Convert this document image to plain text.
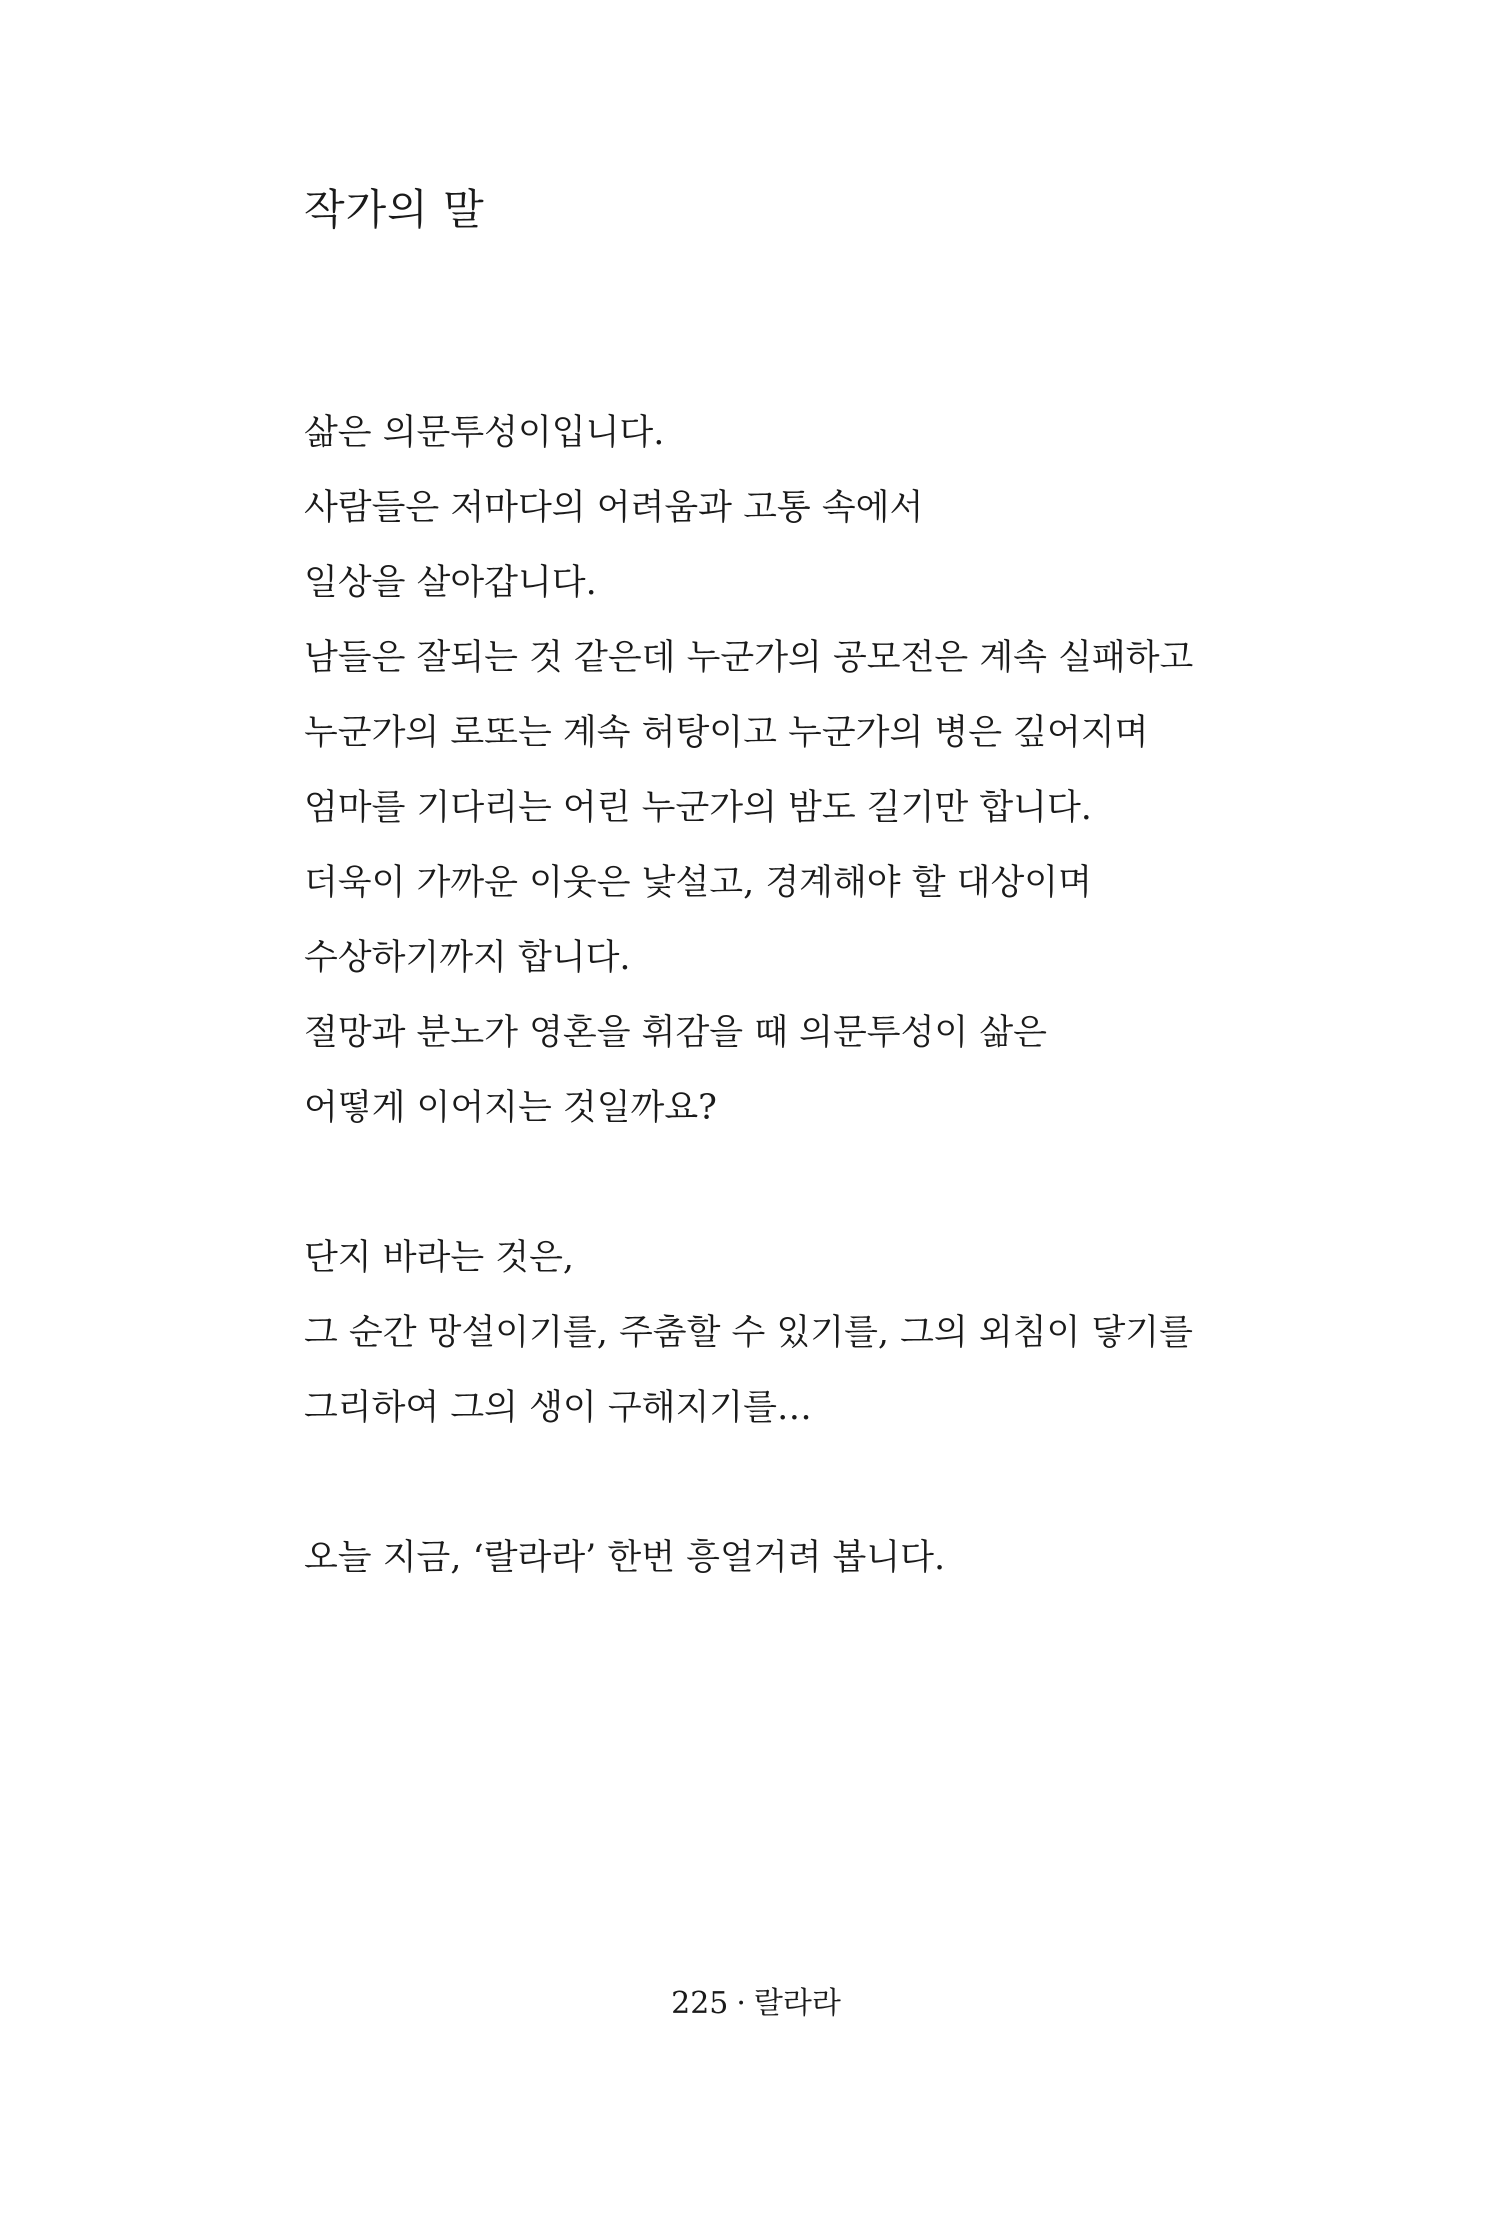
작가의 말

삶은 의문투성이입니다.
사람들은 저마다의 어려움과 고통 속에서
일상을 살아갑니다.
남들은 잘되는 것 같은데 누군가의 공모전은 계속 실패하고
누군가의 로또는 계속 허탕이고 누군가의 병은 깊어지며
엄마를 기다리는 어린 누군가의 밤도 길기만 합니다.
더욱이 가까운 이웃은 낯설고, 경계해야 할 대상이며
수상하기까지 합니다.
절망과 분노가 영혼을 휘감을 때 의문투성이 삶은
어떻게 이어지는 것일까요?

단지 바라는 것은,
그 순간 망설이기를, 주춤할 수 있기를, 그의 외침이 닿기를
그리하여 그의 생이 구해지기를…

오늘 지금, ‘랄라라’ 한번 흥얼거려 봅니다.

225 · 랄라라
